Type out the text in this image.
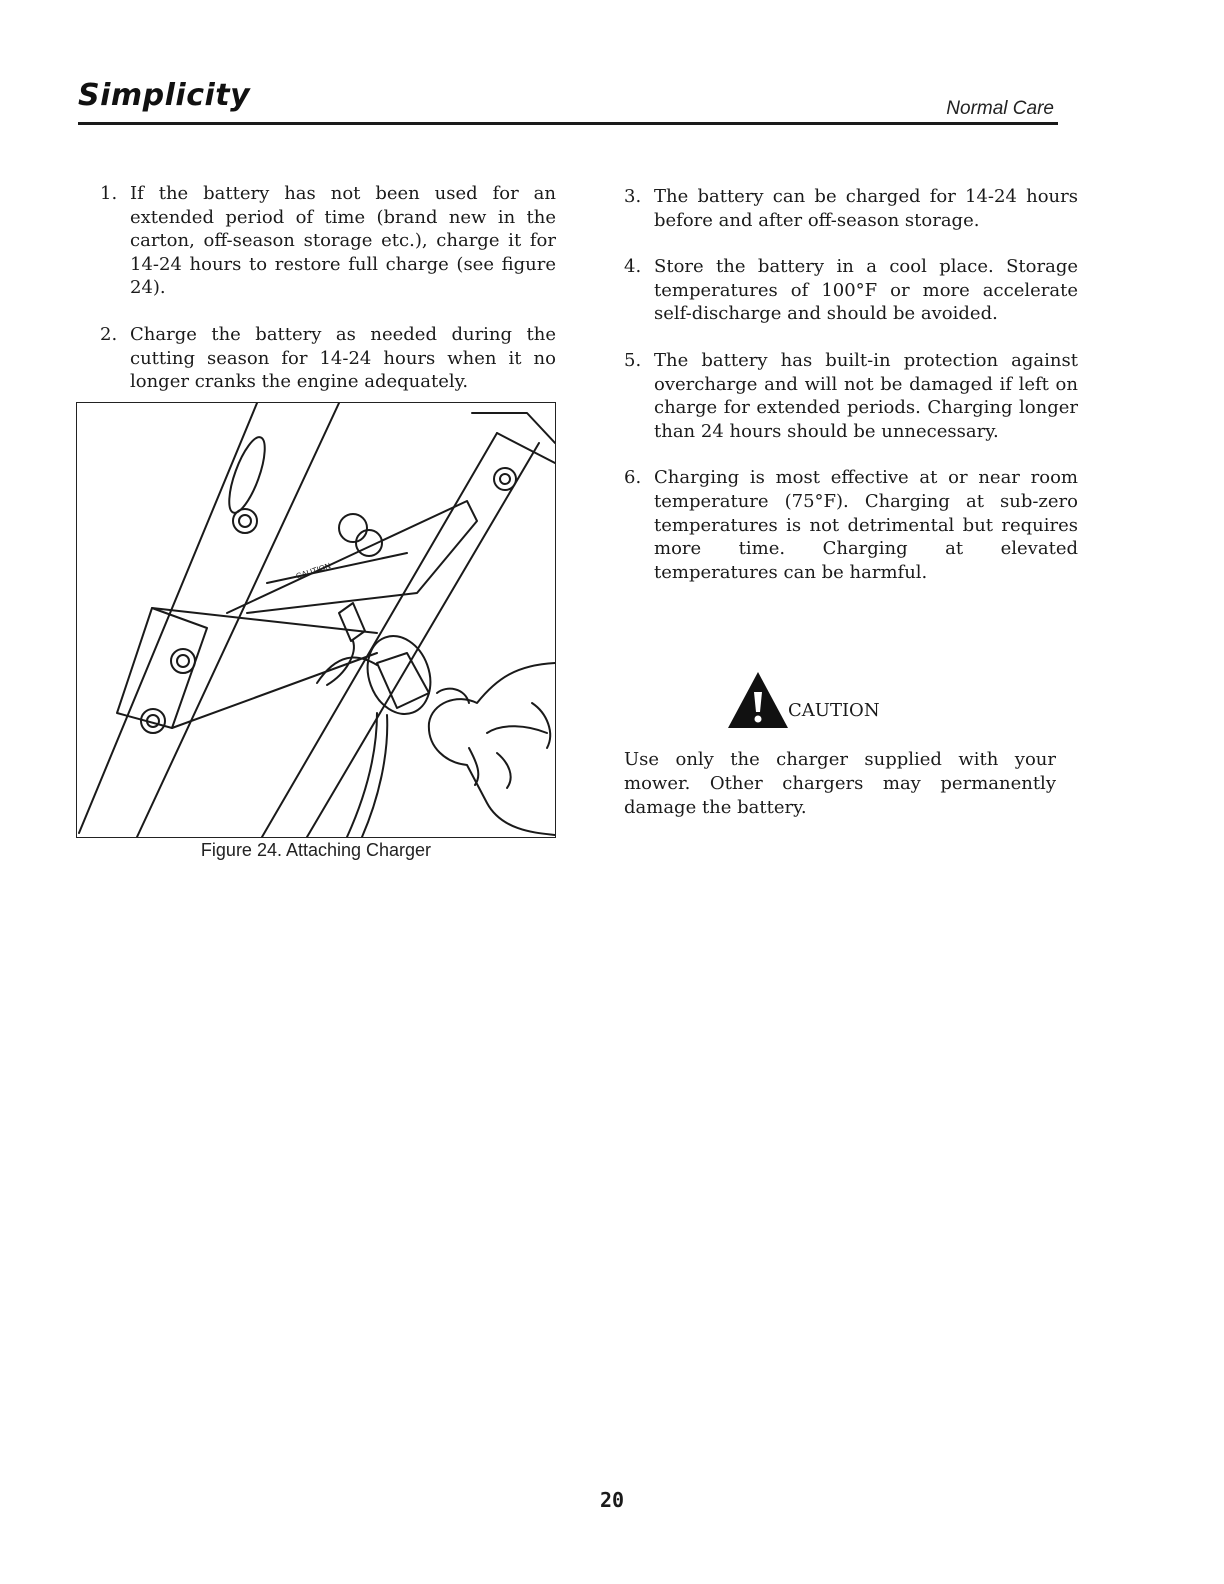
Simplicity	Normal Care
1. If the battery has not been used for an extended period of time (brand new in the carton, off-season storage etc.), charge it for 14-24 hours to restore full charge (see figure 24).
2. Charge the battery as needed during the cutting season for 14-24 hours when it no longer cranks the engine adequately.
CAUTION
Figure 24. Attaching Charger
3. The battery can be charged for 14-24 hours before and after off-season storage.
4. Store the battery in a cool place. Storage temperatures of 100°F or more accelerate self-discharge and should be avoided.
5. The battery has built-in protection against overcharge and will not be damaged if left on charge for extended periods. Charging longer than 24 hours should be unnecessary.
6. Charging is most effective at or near room temperature (75°F). Charging at sub-zero temperatures is not detrimental but requires more time. Charging at elevated temperatures can be harmful.
CAUTION
Use only the charger supplied with your mower. Other chargers may permanently damage the battery.
20
